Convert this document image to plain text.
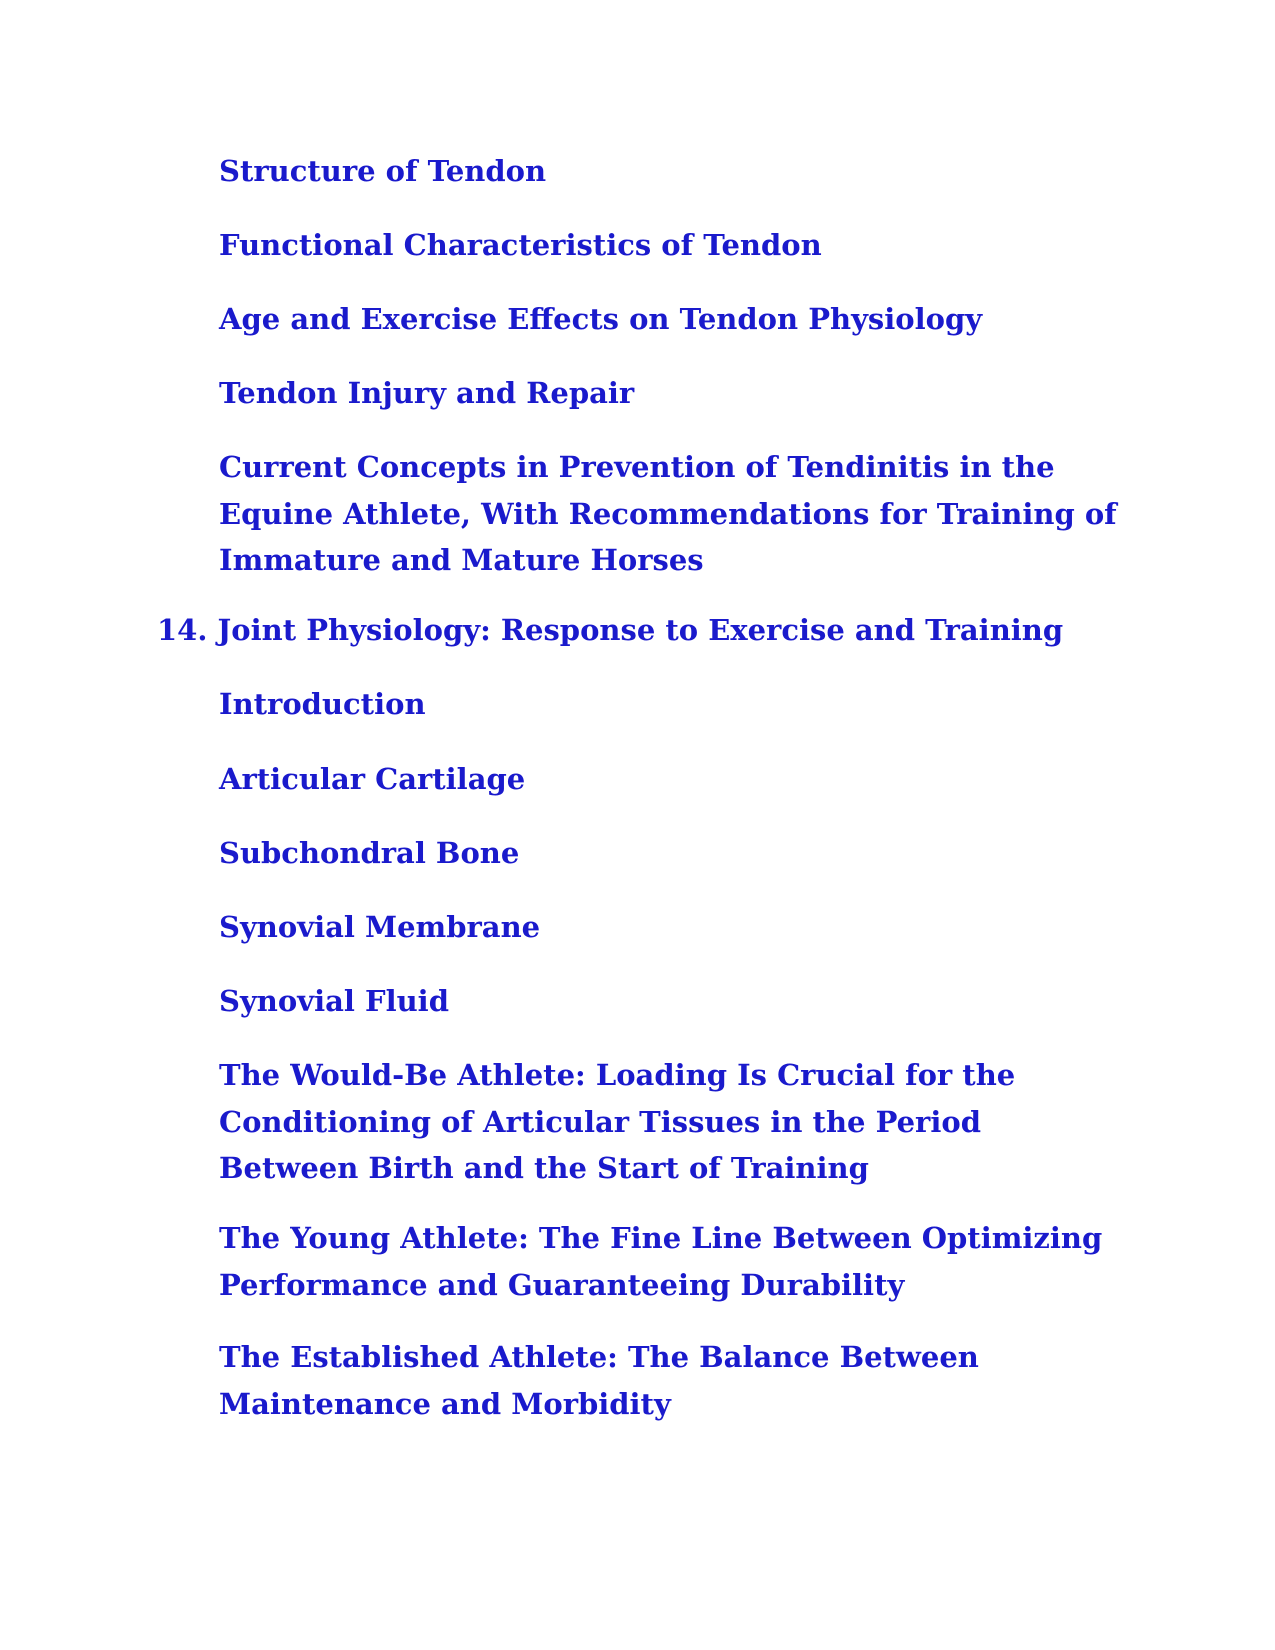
Structure of Tendon
Functional Characteristics of Tendon
Age and Exercise Effects on Tendon Physiology
Tendon Injury and Repair
Current Concepts in Prevention of Tendinitis in the
Equine Athlete, With Recommendations for Training of
Immature and Mature Horses
14. Joint Physiology: Response to Exercise and Training
Introduction
Articular Cartilage
Subchondral Bone
Synovial Membrane
Synovial Fluid
The Would-Be Athlete: Loading Is Crucial for the
Conditioning of Articular Tissues in the Period
Between Birth and the Start of Training
The Young Athlete: The Fine Line Between Optimizing
Performance and Guaranteeing Durability
The Established Athlete: The Balance Between
Maintenance and Morbidity
